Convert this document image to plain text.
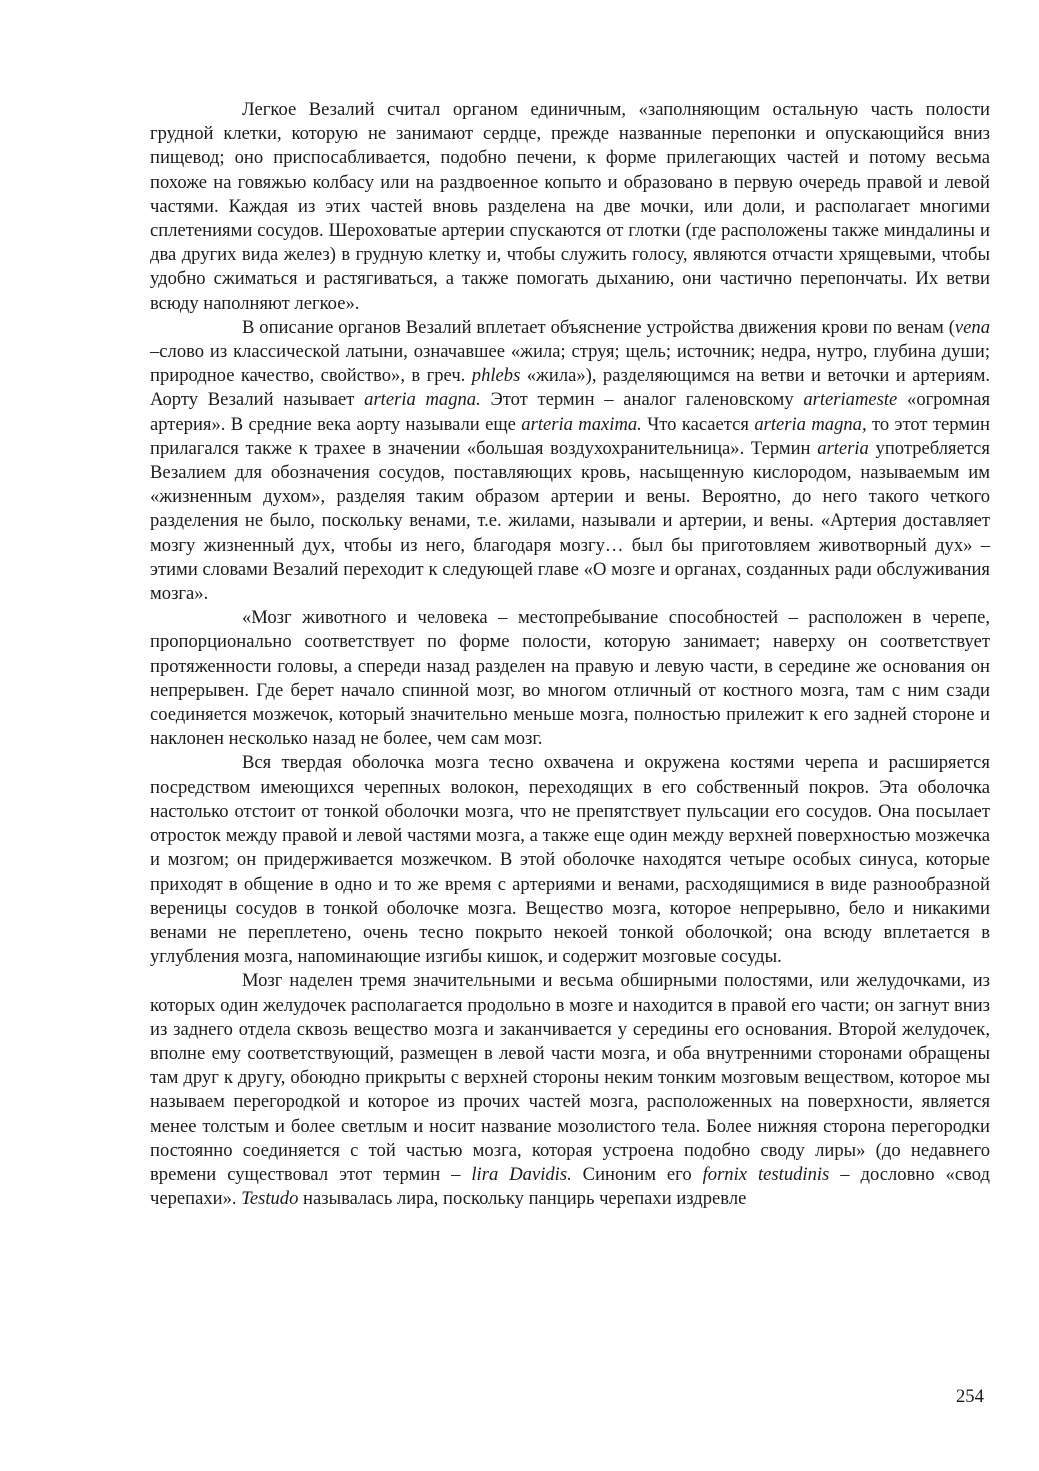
Легкое Везалий считал органом единичным, «заполняющим остальную часть полости грудной клетки, которую не занимают сердце, прежде названные перепонки и опускающийся вниз пищевод; оно приспосабливается, подобно печени, к форме прилегающих частей и потому весьма похоже на говяжью колбасу или на раздвоенное копыто и образовано в первую очередь правой и левой частями. Каждая из этих частей вновь разделена на две мочки, или доли, и располагает многими сплетениями сосудов. Шероховатые артерии спускаются от глотки (где расположены также миндалины и два других вида желез) в грудную клетку и, чтобы служить голосу, являются отчасти хрящевыми, чтобы удобно сжиматься и растягиваться, а также помогать дыханию, они частично перепончаты. Их ветви всюду наполняют легкое».

В описание органов Везалий вплетает объяснение устройства движения крови по венам (vena –слово из классической латыни, означавшее «жила; струя; щель; источник; недра, нутро, глубина души; природное качество, свойство», в греч. phlebs «жила»), разделяющимся на ветви и веточки и артериям. Аорту Везалий называет arteria magna. Этот термин – аналог галеновскому arteriameste «огромная артерия». В средние века аорту называли еще arteria maxima. Что касается arteria magna, то этот термин прилагался также к трахее в значении «большая воздухохранительница». Термин arteria употребляется Везалием для обозначения сосудов, поставляющих кровь, насыщенную кислородом, называемым им «жизненным духом», разделяя таким образом артерии и вены. Вероятно, до него такого четкого разделения не было, поскольку венами, т.е. жилами, называли и артерии, и вены. «Артерия доставляет мозгу жизненный дух, чтобы из него, благодаря мозгу… был бы приготовляем животворный дух» – этими словами Везалий переходит к следующей главе «О мозге и органах, созданных ради обслуживания мозга».

«Мозг животного и человека – местопребывание способностей – расположен в черепе, пропорционально соответствует по форме полости, которую занимает; наверху он соответствует протяженности головы, а спереди назад разделен на правую и левую части, в середине же основания он непрерывен. Где берет начало спинной мозг, во многом отличный от костного мозга, там с ним сзади соединяется мозжечок, который значительно меньше мозга, полностью прилежит к его задней стороне и наклонен несколько назад не более, чем сам мозг.

Вся твердая оболочка мозга тесно охвачена и окружена костями черепа и расширяется посредством имеющихся черепных волокон, переходящих в его собственный покров. Эта оболочка настолько отстоит от тонкой оболочки мозга, что не препятствует пульсации его сосудов. Она посылает отросток между правой и левой частями мозга, а также еще один между верхней поверхностью мозжечка и мозгом; он придерживается мозжечком. В этой оболочке находятся четыре особых синуса, которые приходят в общение в одно и то же время с артериями и венами, расходящимися в виде разнообразной вереницы сосудов в тонкой оболочке мозга. Вещество мозга, которое непрерывно, бело и никакими венами не переплетено, очень тесно покрыто некоей тонкой оболочкой; она всюду вплетается в углубления мозга, напоминающие изгибы кишок, и содержит мозговые сосуды.

Мозг наделен тремя значительными и весьма обширными полостями, или желудочками, из которых один желудочек располагается продольно в мозге и находится в правой его части; он загнут вниз из заднего отдела сквозь вещество мозга и заканчивается у середины его основания. Второй желудочек, вполне ему соответствующий, размещен в левой части мозга, и оба внутренними сторонами обращены там друг к другу, обоюдно прикрыты с верхней стороны неким тонким мозговым веществом, которое мы называем перегородкой и которое из прочих частей мозга, расположенных на поверхности, является менее толстым и более светлым и носит название мозолистого тела. Более нижняя сторона перегородки постоянно соединяется с той частью мозга, которая устроена подобно своду лиры» (до недавнего времени существовал этот термин – lira Davidis. Синоним его fornix testudinis – дословно «свод черепахи». Testudo называлась лира, поскольку панцирь черепахи издревле

254
